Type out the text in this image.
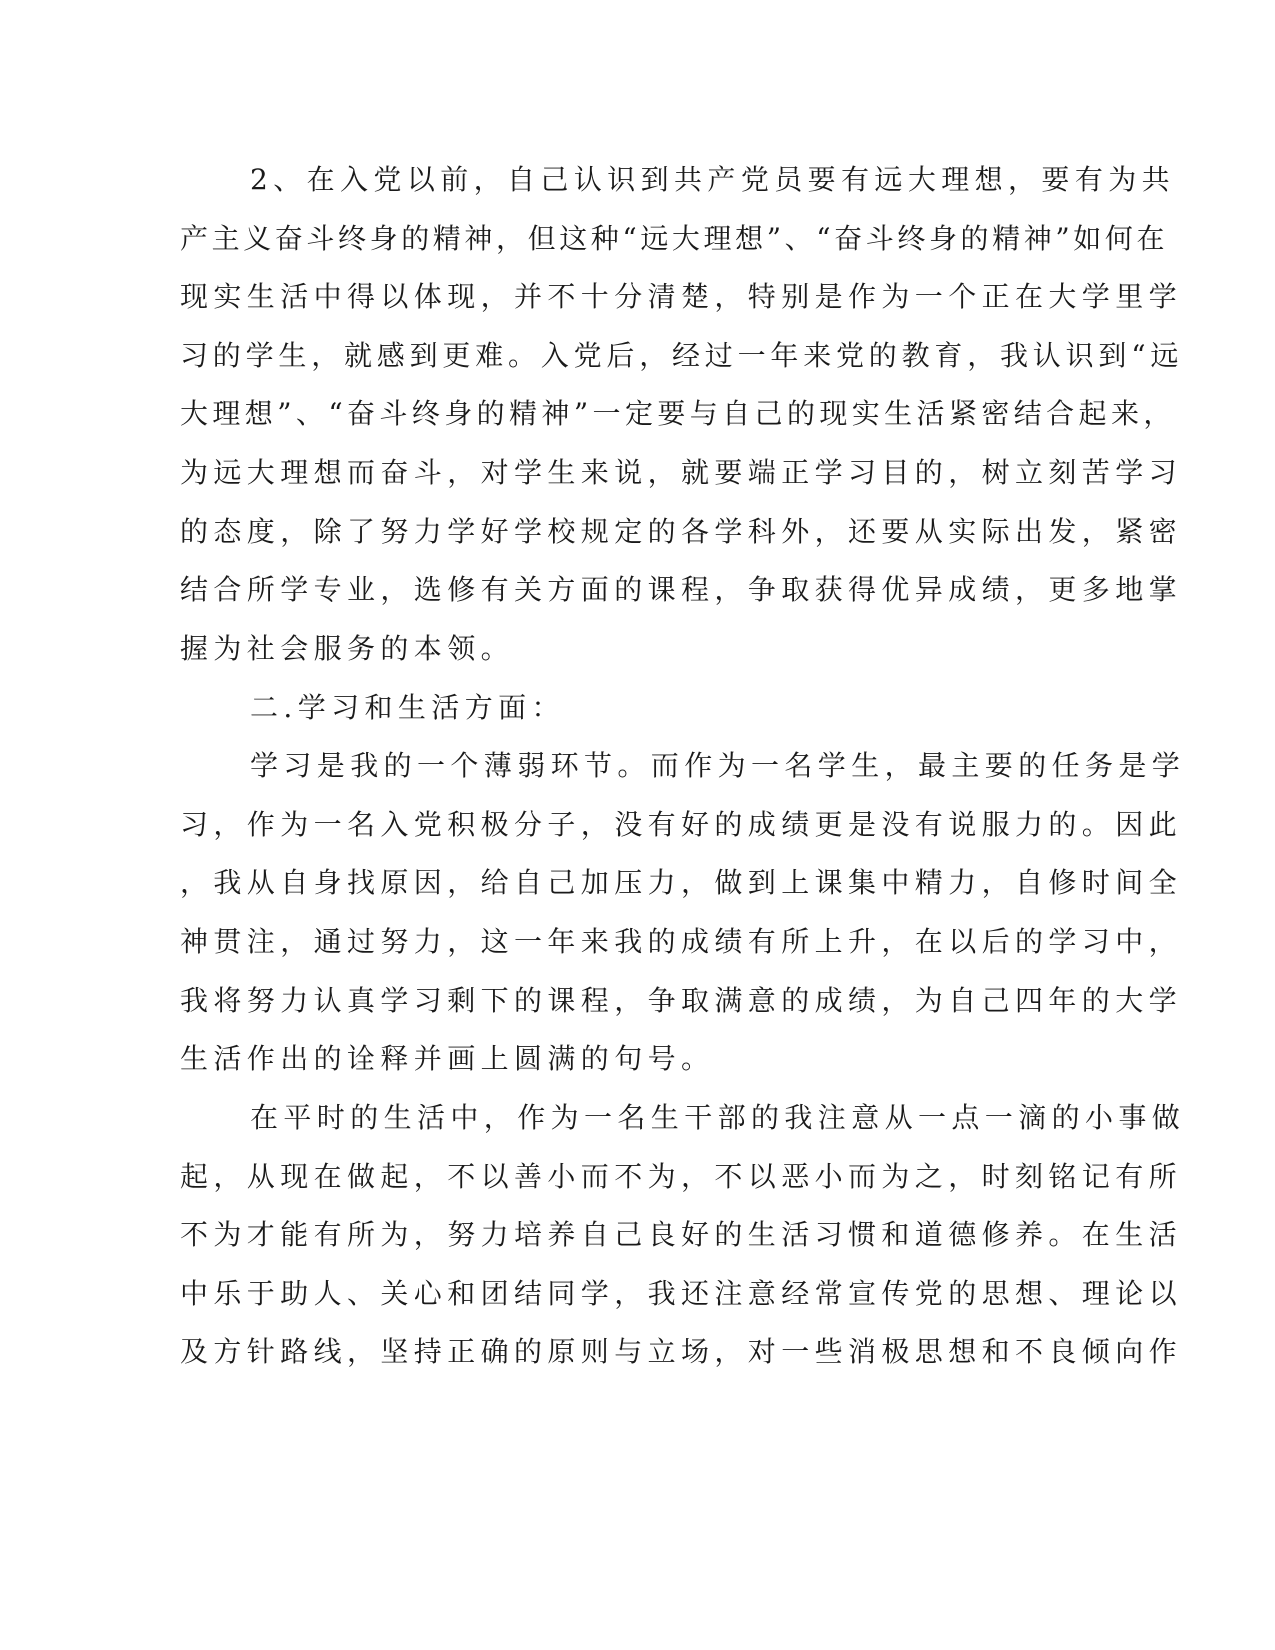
2、在入党以前，自己认识到共产党员要有远大理想，要有为共
产主义奋斗终身的精神，但这种“远大理想”、“奋斗终身的精神”如何在
现实生活中得以体现，并不十分清楚，特别是作为一个正在大学里学
习的学生，就感到更难。入党后，经过一年来党的教育，我认识到“远
大理想”、“奋斗终身的精神”一定要与自己的现实生活紧密结合起来，
为远大理想而奋斗，对学生来说，就要端正学习目的，树立刻苦学习
的态度，除了努力学好学校规定的各学科外，还要从实际出发，紧密
结合所学专业，选修有关方面的课程，争取获得优异成绩，更多地掌
握为社会服务的本领。
二.学习和生活方面：
学习是我的一个薄弱环节。而作为一名学生，最主要的任务是学
习，作为一名入党积极分子，没有好的成绩更是没有说服力的。因此
，我从自身找原因，给自己加压力，做到上课集中精力，自修时间全
神贯注，通过努力，这一年来我的成绩有所上升，在以后的学习中，
我将努力认真学习剩下的课程，争取满意的成绩，为自己四年的大学
生活作出的诠释并画上圆满的句号。
在平时的生活中，作为一名生干部的我注意从一点一滴的小事做
起，从现在做起，不以善小而不为，不以恶小而为之，时刻铭记有所
不为才能有所为，努力培养自己良好的生活习惯和道德修养。在生活
中乐于助人、关心和团结同学，我还注意经常宣传党的思想、理论以
及方针路线，坚持正确的原则与立场，对一些消极思想和不良倾向作
